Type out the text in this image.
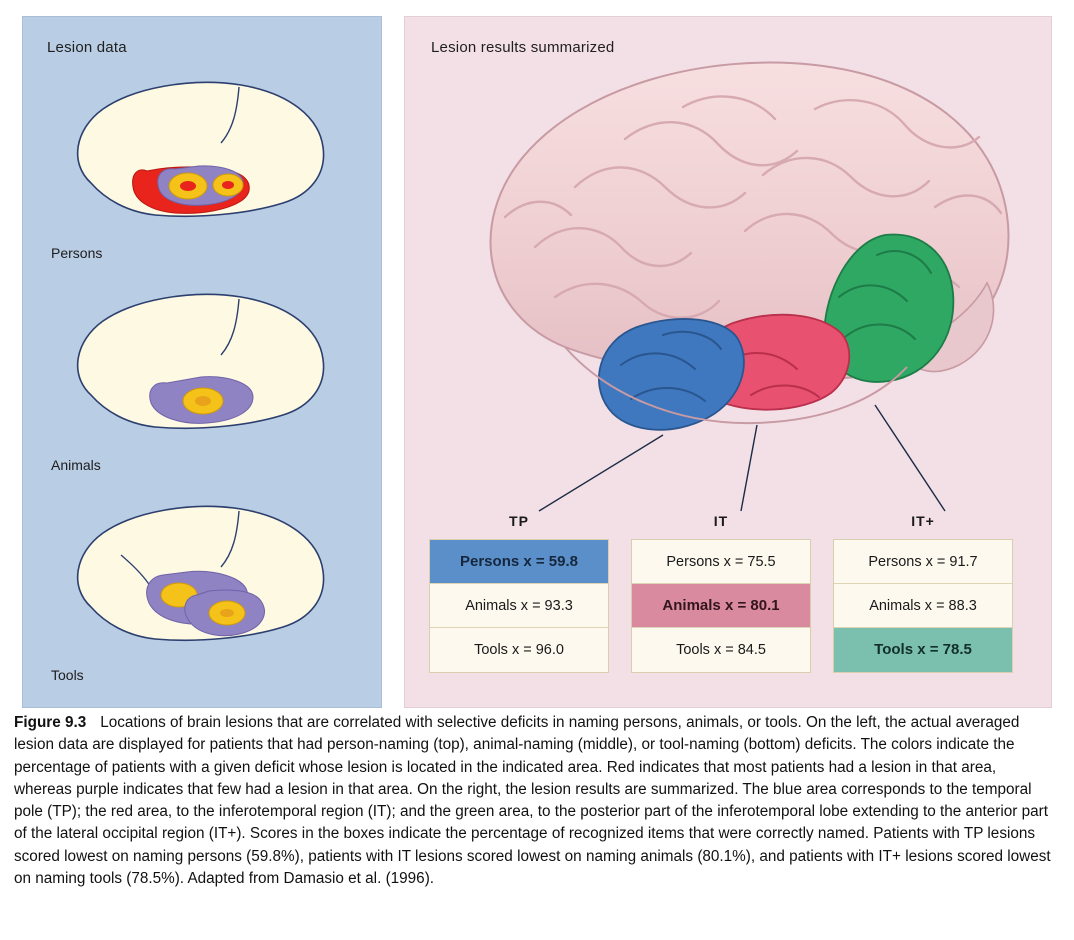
Lesion data
Persons
Animals
Tools
Lesion results summarized
TP	IT	IT+
Persons x = 59.8
Animals x = 93.3
Tools x = 96.0
Persons x = 75.5
Animals x = 80.1
Tools x = 84.5
Persons x = 91.7
Animals x = 88.3
Tools x = 78.5
Figure 9.3 Locations of brain lesions that are correlated with selective deficits in naming persons, animals, or tools. On the left, the actual averaged lesion data are displayed for patients that had person-naming (top), animal-naming (middle), or tool-naming (bottom) deficits. The colors indicate the percentage of patients with a given deficit whose lesion is located in the indicated area. Red indicates that most patients had a lesion in that area, whereas purple indicates that few had a lesion in that area. On the right, the lesion results are summarized. The blue area corresponds to the temporal pole (TP); the red area, to the inferotemporal region (IT); and the green area, to the posterior part of the inferotemporal lobe extending to the anterior part of the lateral occipital region (IT+). Scores in the boxes indicate the percentage of recognized items that were correctly named. Patients with TP lesions scored lowest on naming persons (59.8%), patients with IT lesions scored lowest on naming animals (80.1%), and patients with IT+ lesions scored lowest on naming tools (78.5%). Adapted from Damasio et al. (1996).
